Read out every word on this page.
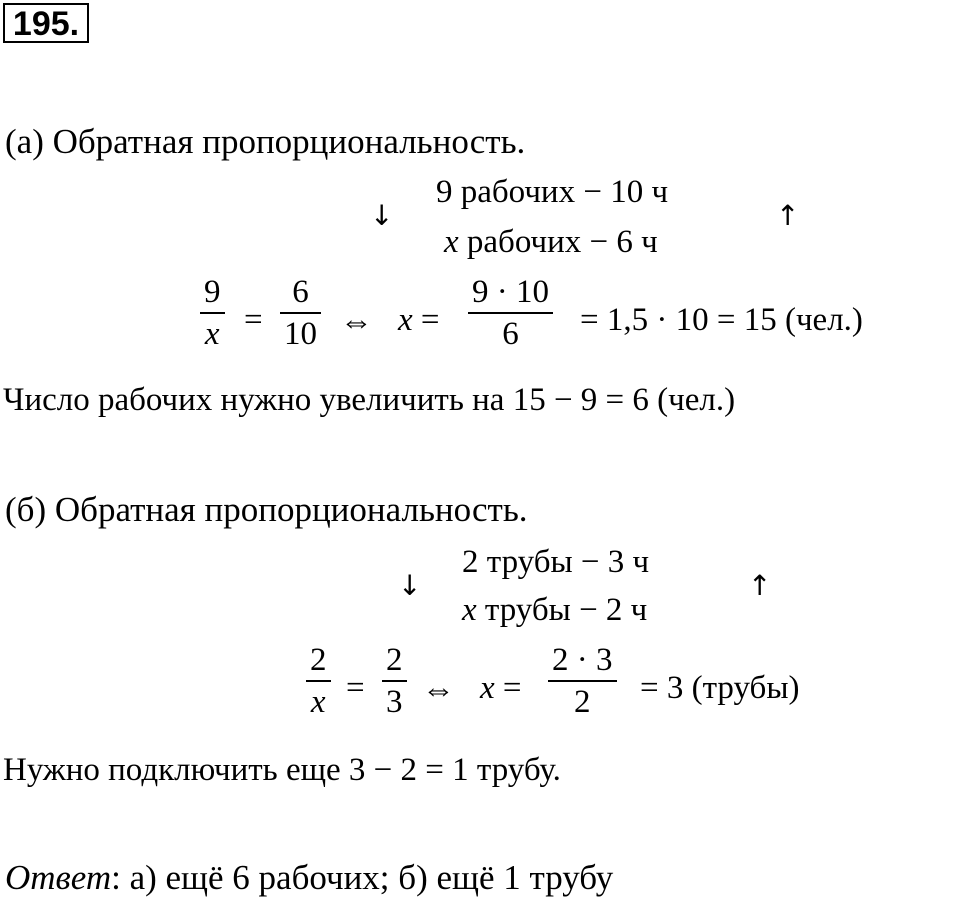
195.
(а) Обратная пропорциональность.
↓
9 рабочих − 10 ч
x рабочих − 6 ч
↑
9
x =
6
10 ⇔ x =
9 · 10
6 = 1,5 · 10 = 15 (чел.)
Число рабочих нужно увеличить на 15 − 9 = 6 (чел.)
(б) Обратная пропорциональность.
↓
2 трубы − 3 ч
x трубы − 2 ч
↑
2
x =
2
3 ⇔ x =
2 · 3
2 = 3 (трубы)
Нужно подключить еще 3 − 2 = 1 трубу.
Ответ: а) ещё 6 рабочих; б) ещё 1 трубу
